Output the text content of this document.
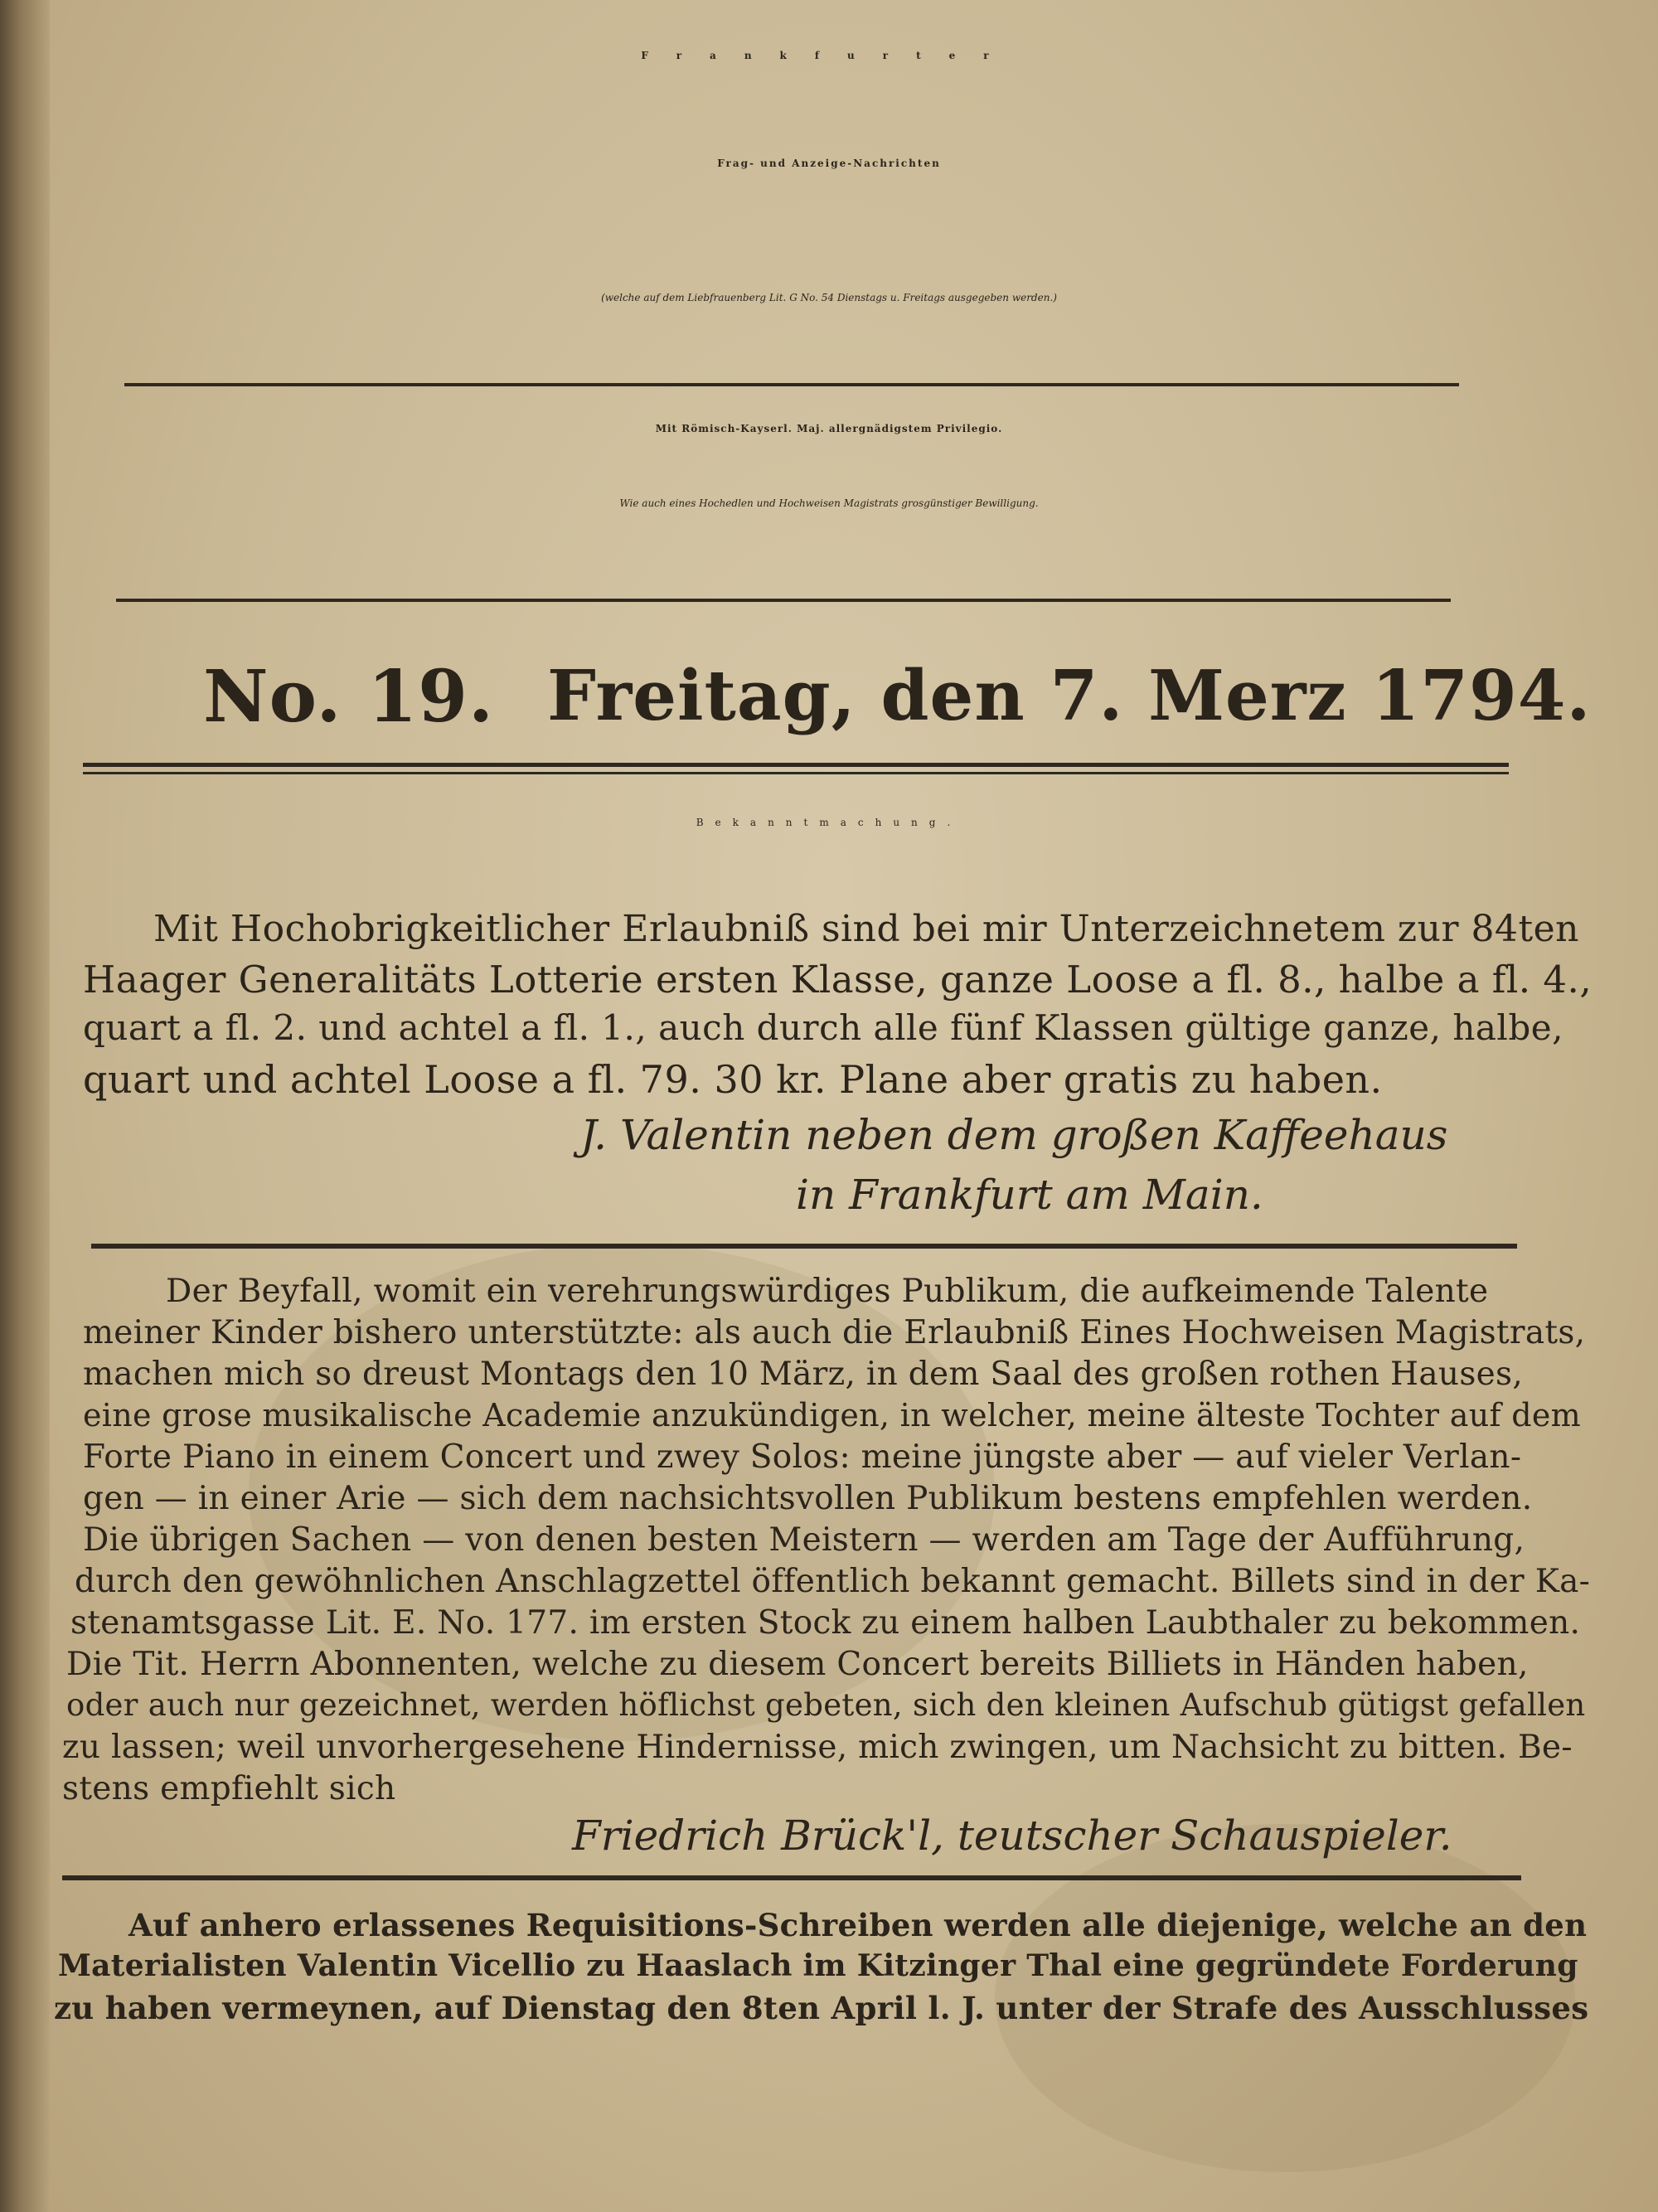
Frankfurter
Frag- und Anzeige-Nachrichten
(welche auf dem Liebfrauenberg Lit. G No. 54 Dienstags u. Freitags ausgegeben werden.)
Mit Römisch-Kayserl. Maj. allergnädigstem Privilegio.
Wie auch eines Hochedlen und Hochweisen Magistrats grosgünstiger Bewilligung.
No. 19. Freitag, den 7. Merz 1794.
Bekanntmachung.
Mit Hochobrigkeitlicher Erlaubniß sind bei mir Unterzeichnetem zur 84ten
Haager Generalitäts Lotterie ersten Klasse, ganze Loose a fl. 8., halbe a fl. 4.,
quart a fl. 2. und achtel a fl. 1., auch durch alle fünf Klassen gültige ganze, halbe,
quart und achtel Loose a fl. 79. 30 kr. Plane aber gratis zu haben.
J. Valentin neben dem großen Kaffeehaus
in Frankfurt am Main.
Der Beyfall, womit ein verehrungswürdiges Publikum, die aufkeimende Talente
meiner Kinder bishero unterstützte: als auch die Erlaubniß Eines Hochweisen Magistrats,
machen mich so dreust Montags den 10 März, in dem Saal des großen rothen Hauses,
eine grose musikalische Academie anzukündigen, in welcher, meine älteste Tochter auf dem
Forte Piano in einem Concert und zwey Solos: meine jüngste aber — auf vieler Verlan-
gen — in einer Arie — sich dem nachsichtsvollen Publikum bestens empfehlen werden.
Die übrigen Sachen — von denen besten Meistern — werden am Tage der Aufführung,
durch den gewöhnlichen Anschlagzettel öffentlich bekannt gemacht. Billets sind in der Ka-
stenamtsgasse Lit. E. No. 177. im ersten Stock zu einem halben Laubthaler zu bekommen.
Die Tit. Herrn Abonnenten, welche zu diesem Concert bereits Billiets in Händen haben,
oder auch nur gezeichnet, werden höflichst gebeten, sich den kleinen Aufschub gütigst gefallen
zu lassen; weil unvorhergesehene Hindernisse, mich zwingen, um Nachsicht zu bitten. Be-
stens empfiehlt sich
Friedrich Brück'l, teutscher Schauspieler.
Auf anhero erlassenes Requisitions-Schreiben werden alle diejenige, welche an den
Materialisten Valentin Vicellio zu Haaslach im Kitzinger Thal eine gegründete Forderung
zu haben vermeynen, auf Dienstag den 8ten April l. J. unter der Strafe des Ausschlusses
